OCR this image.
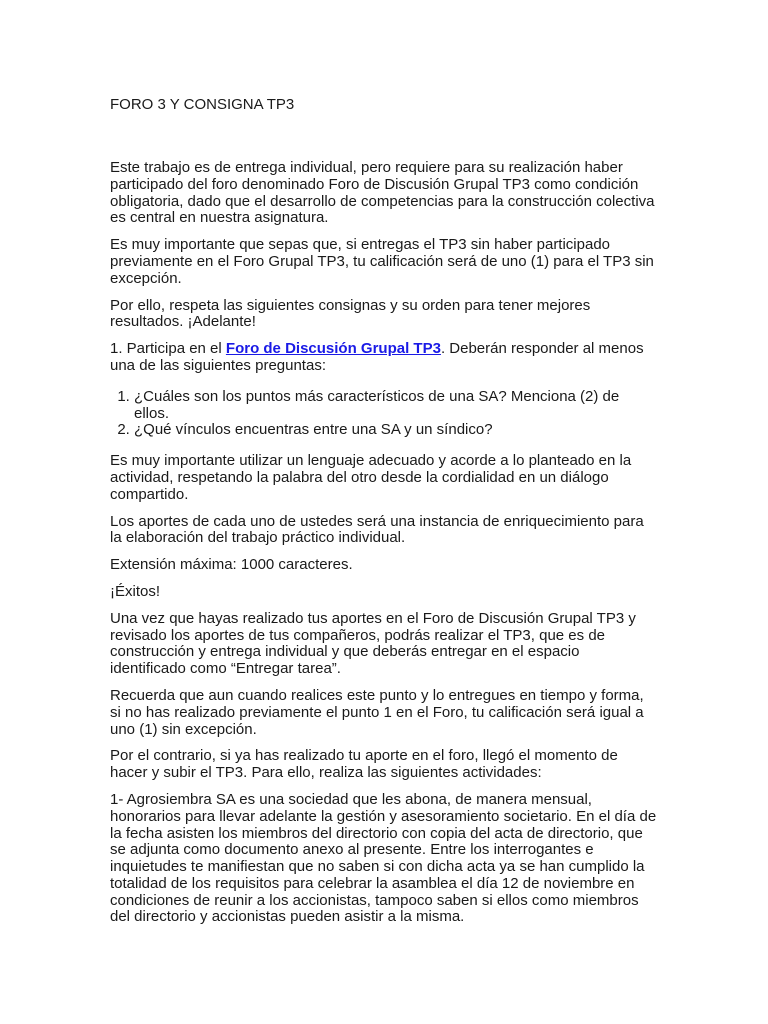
FORO 3 Y CONSIGNA TP3

Este trabajo es de entrega individual, pero requiere para su realización haber participado del foro denominado Foro de Discusión Grupal TP3 como condición obligatoria, dado que el desarrollo de competencias para la construcción colectiva es central en nuestra asignatura.

Es muy importante que sepas que, si entregas el TP3 sin haber participado previamente en el Foro Grupal TP3, tu calificación será de uno (1) para el TP3 sin excepción.

Por ello, respeta las siguientes consignas y su orden para tener mejores resultados. ¡Adelante!

1. Participa en el Foro de Discusión Grupal TP3. Deberán responder al menos una de las siguientes preguntas:

1. ¿Cuáles son los puntos más característicos de una SA? Menciona (2) de ellos.
2. ¿Qué vínculos encuentras entre una SA y un síndico?

Es muy importante utilizar un lenguaje adecuado y acorde a lo planteado en la actividad, respetando la palabra del otro desde la cordialidad en un diálogo compartido.

Los aportes de cada uno de ustedes será una instancia de enriquecimiento para la elaboración del trabajo práctico individual.

Extensión máxima: 1000 caracteres.

¡Éxitos!

Una vez que hayas realizado tus aportes en el Foro de Discusión Grupal TP3 y revisado los aportes de tus compañeros, podrás realizar el TP3, que es de construcción y entrega individual y que deberás entregar en el espacio identificado como “Entregar tarea”.

Recuerda que aun cuando realices este punto y lo entregues en tiempo y forma, si no has realizado previamente el punto 1 en el Foro, tu calificación será igual a uno (1) sin excepción.

Por el contrario, si ya has realizado tu aporte en el foro, llegó el momento de hacer y subir el TP3. Para ello, realiza las siguientes actividades:

1- Agrosiembra SA es una sociedad que les abona, de manera mensual, honorarios para llevar adelante la gestión y asesoramiento societario. En el día de la fecha asisten los miembros del directorio con copia del acta de directorio, que se adjunta como documento anexo al presente. Entre los interrogantes e inquietudes te manifiestan que no saben si con dicha acta ya se han cumplido la totalidad de los requisitos para celebrar la asamblea el día 12 de noviembre en condiciones de reunir a los accionistas, tampoco saben si ellos como miembros del directorio y accionistas pueden asistir a la misma.
